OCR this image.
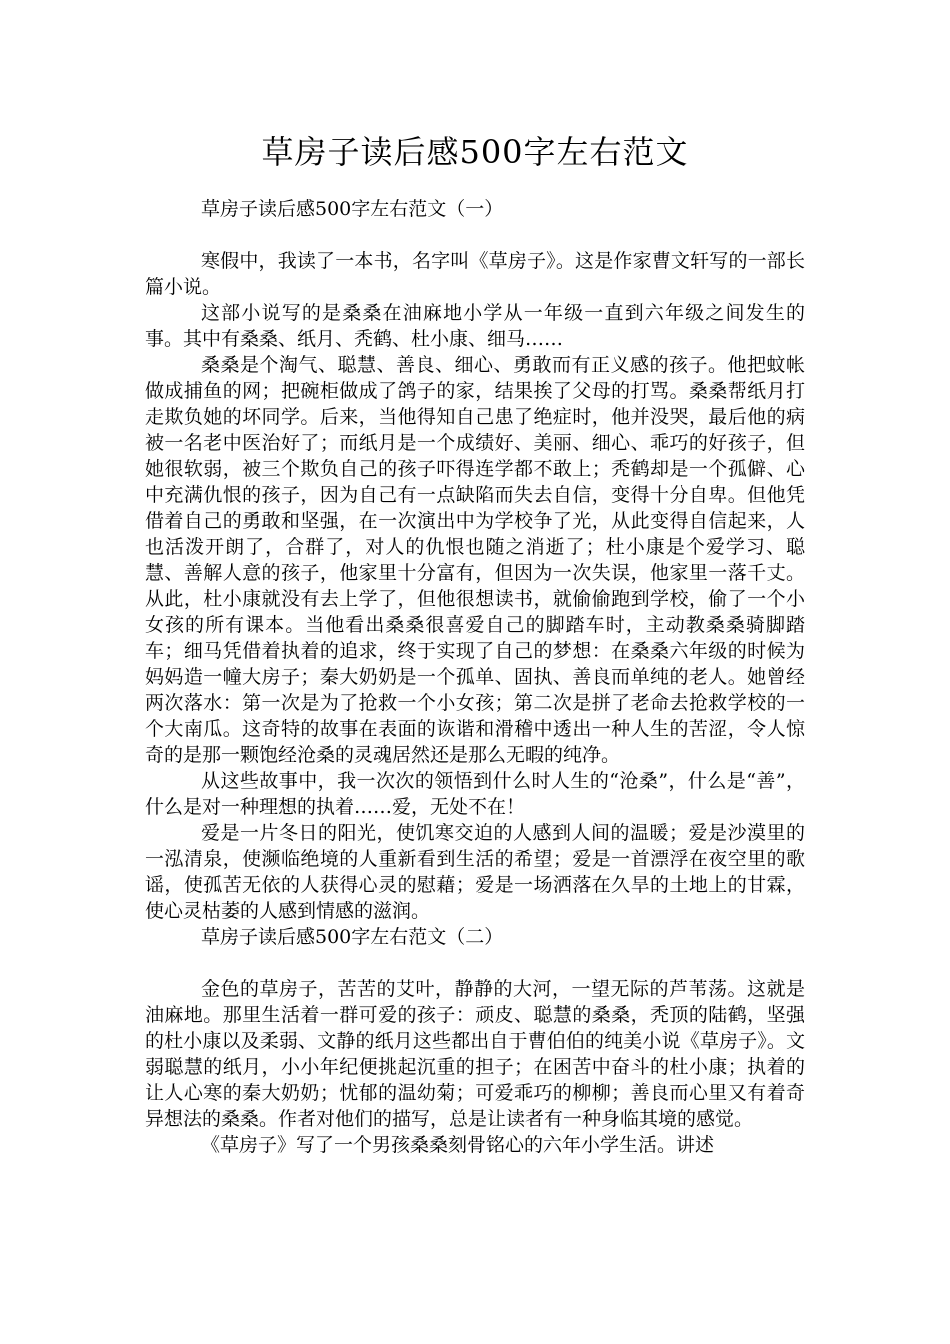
草房子读后感500字左右范文

草房子读后感500字左右范文（一）

寒假中，我读了一本书，名字叫《草房子》。这是作家曹文轩写的一部长篇小说。

这部小说写的是桑桑在油麻地小学从一年级一直到六年级之间发生的事。其中有桑桑、纸月、秃鹤、杜小康、细马……

桑桑是个淘气、聪慧、善良、细心、勇敢而有正义感的孩子。他把蚊帐做成捕鱼的网；把碗柜做成了鸽子的家，结果挨了父母的打骂。桑桑帮纸月打走欺负她的坏同学。后来，当他得知自己患了绝症时，他并没哭，最后他的病被一名老中医治好了；而纸月是一个成绩好、美丽、细心、乖巧的好孩子，但她很软弱，被三个欺负自己的孩子吓得连学都不敢上；秃鹤却是一个孤僻、心中充满仇恨的孩子，因为自己有一点缺陷而失去自信，变得十分自卑。但他凭借着自己的勇敢和坚强，在一次演出中为学校争了光，从此变得自信起来，人也活泼开朗了，合群了，对人的仇恨也随之消逝了；杜小康是个爱学习、聪慧、善解人意的孩子，他家里十分富有，但因为一次失误，他家里一落千丈。从此，杜小康就没有去上学了，但他很想读书，就偷偷跑到学校，偷了一个小女孩的所有课本。当他看出桑桑很喜爱自己的脚踏车时，主动教桑桑骑脚踏车；细马凭借着执着的追求，终于实现了自己的梦想：在桑桑六年级的时候为妈妈造一幢大房子；秦大奶奶是一个孤单、固执、善良而单纯的老人。她曾经两次落水：第一次是为了抢救一个小女孩；第二次是拼了老命去抢救学校的一个大南瓜。这奇特的故事在表面的诙谐和滑稽中透出一种人生的苦涩，令人惊奇的是那一颗饱经沧桑的灵魂居然还是那么无暇的纯净。

从这些故事中，我一次次的领悟到什么时人生的“沧桑”，什么是“善”，什么是对一种理想的执着……爱，无处不在！

爱是一片冬日的阳光，使饥寒交迫的人感到人间的温暖；爱是沙漠里的一泓清泉，使濒临绝境的人重新看到生活的希望；爱是一首漂浮在夜空里的歌谣，使孤苦无依的人获得心灵的慰藉；爱是一场洒落在久旱的土地上的甘霖，使心灵枯萎的人感到情感的滋润。

草房子读后感500字左右范文（二）

金色的草房子，苦苦的艾叶，静静的大河，一望无际的芦苇荡。这就是油麻地。那里生活着一群可爱的孩子：顽皮、聪慧的桑桑，秃顶的陆鹤，坚强的杜小康以及柔弱、文静的纸月这些都出自于曹伯伯的纯美小说《草房子》。文弱聪慧的纸月，小小年纪便挑起沉重的担子；在困苦中奋斗的杜小康；执着的让人心寒的秦大奶奶；忧郁的温幼菊；可爱乖巧的柳柳；善良而心里又有着奇异想法的桑桑。作者对他们的描写，总是让读者有一种身临其境的感觉。

《草房子》写了一个男孩桑桑刻骨铭心的六年小学生活。讲述
